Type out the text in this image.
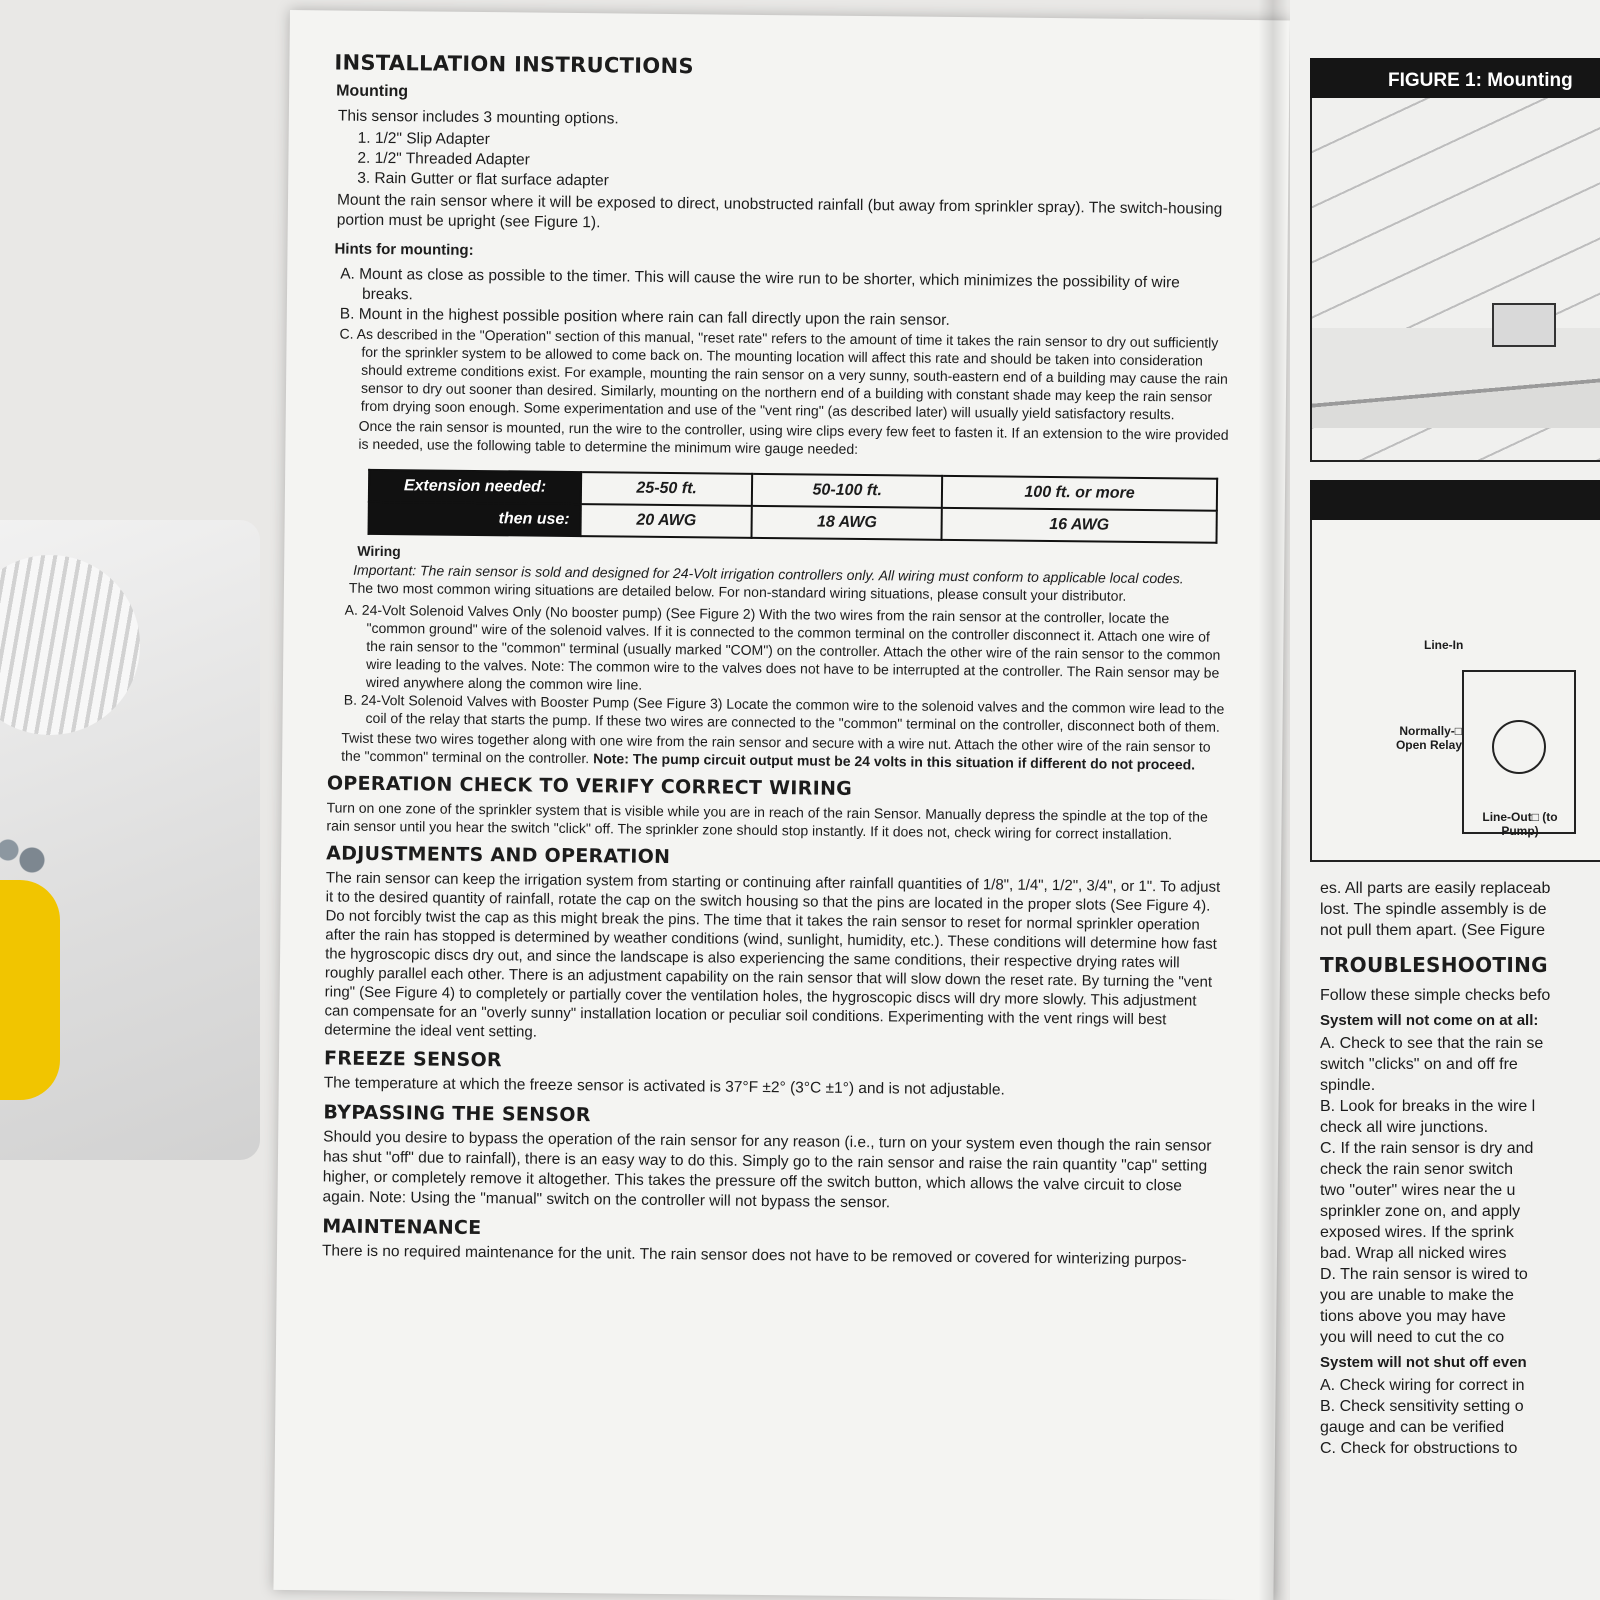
INSTALLATION INSTRUCTIONS
Mounting

This sensor includes 3 mounting options.

1. 1/2" Slip Adapter
2. 1/2" Threaded Adapter
3. Rain Gutter or flat surface adapter

Mount the rain sensor where it will be exposed to direct, unobstructed rainfall (but away from sprinkler spray). The switch-housing portion must be upright (see Figure 1).

Hints for mounting:
A. Mount as close as possible to the timer. This will cause the wire run to be shorter, which minimizes the possibility of wire breaks.
B. Mount in the highest possible position where rain can fall directly upon the rain sensor.
C. As described in the "Operation" section of this manual, "reset rate" refers to the amount of time it takes the rain sensor to dry out sufficiently for the sprinkler system to be allowed to come back on. The mounting location will affect this rate and should be taken into consideration should extreme conditions exist. For example, mounting the rain sensor on a very sunny, south-eastern end of a building may cause the rain sensor to dry out sooner than desired. Similarly, mounting on the northern end of a building with constant shade may keep the rain sensor from drying soon enough. Some experimentation and use of the "vent ring" (as described later) will usually yield satisfactory results.

Once the rain sensor is mounted, run the wire to the controller, using wire clips every few feet to fasten it. If an extension to the wire provided is needed, use the following table to determine the minimum wire gauge needed:

Extension needed:	25-50 ft.	50-100 ft.	100 ft. or more
then use:	20 AWG	18 AWG	16 AWG
Wiring

Important: The rain sensor is sold and designed for 24-Volt irrigation controllers only. All wiring must conform to applicable local codes.

The two most common wiring situations are detailed below. For non-standard wiring situations, please consult your distributor.

A. 24-Volt Solenoid Valves Only (No booster pump) (See Figure 2) With the two wires from the rain sensor at the controller, locate the "common ground" wire of the solenoid valves. If it is connected to the common terminal on the controller disconnect it. Attach one wire of the rain sensor to the "common" terminal (usually marked "COM") on the controller. Attach the other wire of the rain sensor to the common wire leading to the valves. Note: The common wire to the valves does not have to be interrupted at the controller. The Rain sensor may be wired anywhere along the common wire line.
B. 24-Volt Solenoid Valves with Booster Pump (See Figure 3) Locate the common wire to the solenoid valves and the common wire lead to the coil of the relay that starts the pump. If these two wires are connected to the "common" terminal on the controller, disconnect both of them.

Twist these two wires together along with one wire from the rain sensor and secure with a wire nut. Attach the other wire of the rain sensor to the "common" terminal on the controller. Note: The pump circuit output must be 24 volts in this situation if different do not proceed.

OPERATION CHECK TO VERIFY CORRECT WIRING

Turn on one zone of the sprinkler system that is visible while you are in reach of the rain Sensor. Manually depress the spindle at the top of the rain sensor until you hear the switch "click" off. The sprinkler zone should stop instantly. If it does not, check wiring for correct installation.

ADJUSTMENTS AND OPERATION

The rain sensor can keep the irrigation system from starting or continuing after rainfall quantities of 1/8", 1/4", 1/2", 3/4", or 1". To adjust it to the desired quantity of rainfall, rotate the cap on the switch housing so that the pins are located in the proper slots (See Figure 4). Do not forcibly twist the cap as this might break the pins. The time that it takes the rain sensor to reset for normal sprinkler operation after the rain has stopped is determined by weather conditions (wind, sunlight, humidity, etc.). These conditions will determine how fast the hygroscopic discs dry out, and since the landscape is also experiencing the same conditions, their respective drying rates will roughly parallel each other. There is an adjustment capability on the rain sensor that will slow down the reset rate. By turning the "vent ring" (See Figure 4) to completely or partially cover the ventilation holes, the hygroscopic discs will dry more slowly. This adjustment can compensate for an "overly sunny" installation location or peculiar soil conditions. Experimenting with the vent rings will best determine the ideal vent setting.

FREEZE SENSOR

The temperature at which the freeze sensor is activated is 37°F ±2° (3°C ±1°) and is not adjustable.

BYPASSING THE SENSOR

Should you desire to bypass the operation of the rain sensor for any reason (i.e., turn on your system even though the rain sensor has shut "off" due to rainfall), there is an easy way to do this. Simply go to the rain sensor and raise the rain quantity "cap" setting higher, or completely remove it altogether. This takes the pressure off the switch button, which allows the valve circuit to close again. Note: Using the "manual" switch on the controller will not bypass the sensor.

MAINTENANCE

There is no required maintenance for the unit. The rain sensor does not have to be removed or covered for winterizing purpos-

FIGURE 1: Mounting
Line-In
Normally-□ Open Relay
Line-Out□ (to Pump)

es. All parts are easily replaceab

lost. The spindle assembly is de

not pull them apart. (See Figure

TROUBLESHOOTING

Follow these simple checks befo

System will not come on at all:
A. Check to see that the rain se
switch "clicks" on and off fre
spindle.
B. Look for breaks in the wire l
check all wire junctions.
C. If the rain sensor is dry and
check the rain senor switch
two "outer" wires near the u
sprinkler zone on, and apply
exposed wires. If the sprink
bad. Wrap all nicked wires
D. The rain sensor is wired to
you are unable to make the
tions above you may have
you will need to cut the co
System will not shut off even
A. Check wiring for correct in
B. Check sensitivity setting o
gauge and can be verified
C. Check for obstructions to
